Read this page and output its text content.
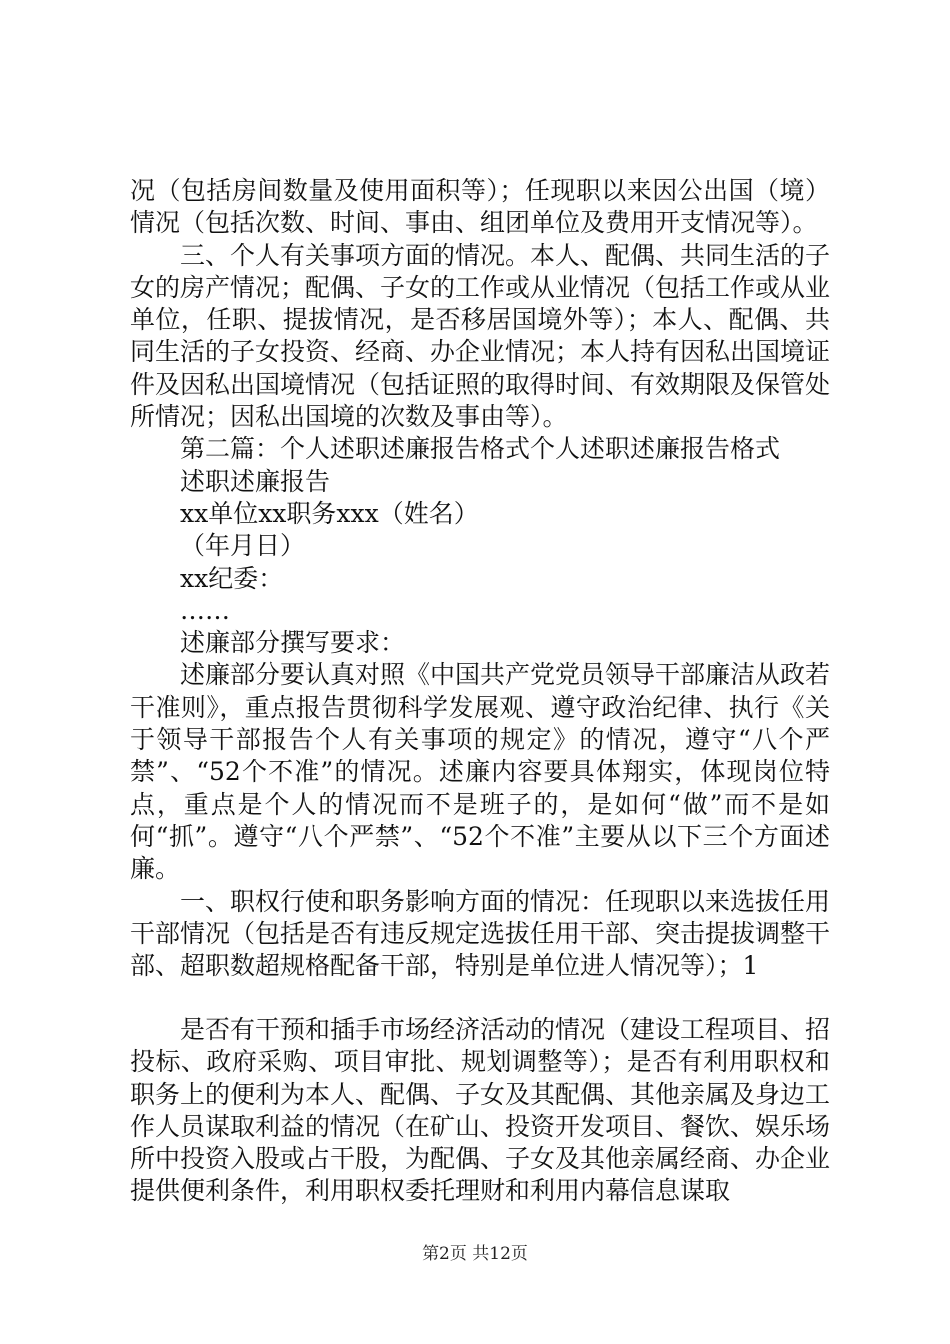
况（包括房间数量及使用面积等）；任现职以来因公出国（境）情况（包括次数、时间、事由、组团单位及费用开支情况等）。

三、个人有关事项方面的情况。本人、配偶、共同生活的子女的房产情况；配偶、子女的工作或从业情况（包括工作或从业单位，任职、提拔情况，是否移居国境外等）；本人、配偶、共同生活的子女投资、经商、办企业情况；本人持有因私出国境证件及因私出国境情况（包括证照的取得时间、有效期限及保管处所情况；因私出国境的次数及事由等）。

第二篇：个人述职述廉报告格式个人述职述廉报告格式

述职述廉报告

xx单位xx职务xxx（姓名）

（年月日）

xx纪委：

……

述廉部分撰写要求：

述廉部分要认真对照《中国共产党党员领导干部廉洁从政若干准则》，重点报告贯彻科学发展观、遵守政治纪律、执行《关于领导干部报告个人有关事项的规定》的情况，遵守“八个严禁”、“52个不准”的情况。述廉内容要具体翔实，体现岗位特点，重点是个人的情况而不是班子的，是如何“做”而不是如何“抓”。遵守“八个严禁”、“52个不准”主要从以下三个方面述廉。

一、职权行使和职务影响方面的情况：任现职以来选拔任用干部情况（包括是否有违反规定选拔任用干部、突击提拔调整干部、超职数超规格配备干部，特别是单位进人情况等）；1

是否有干预和插手市场经济活动的情况（建设工程项目、招投标、政府采购、项目审批、规划调整等）；是否有利用职权和职务上的便利为本人、配偶、子女及其配偶、其他亲属及身边工作人员谋取利益的情况（在矿山、投资开发项目、餐饮、娱乐场所中投资入股或占干股，为配偶、子女及其他亲属经商、办企业提供便利条件，利用职权委托理财和利用内幕信息谋取

第2页 共12页
